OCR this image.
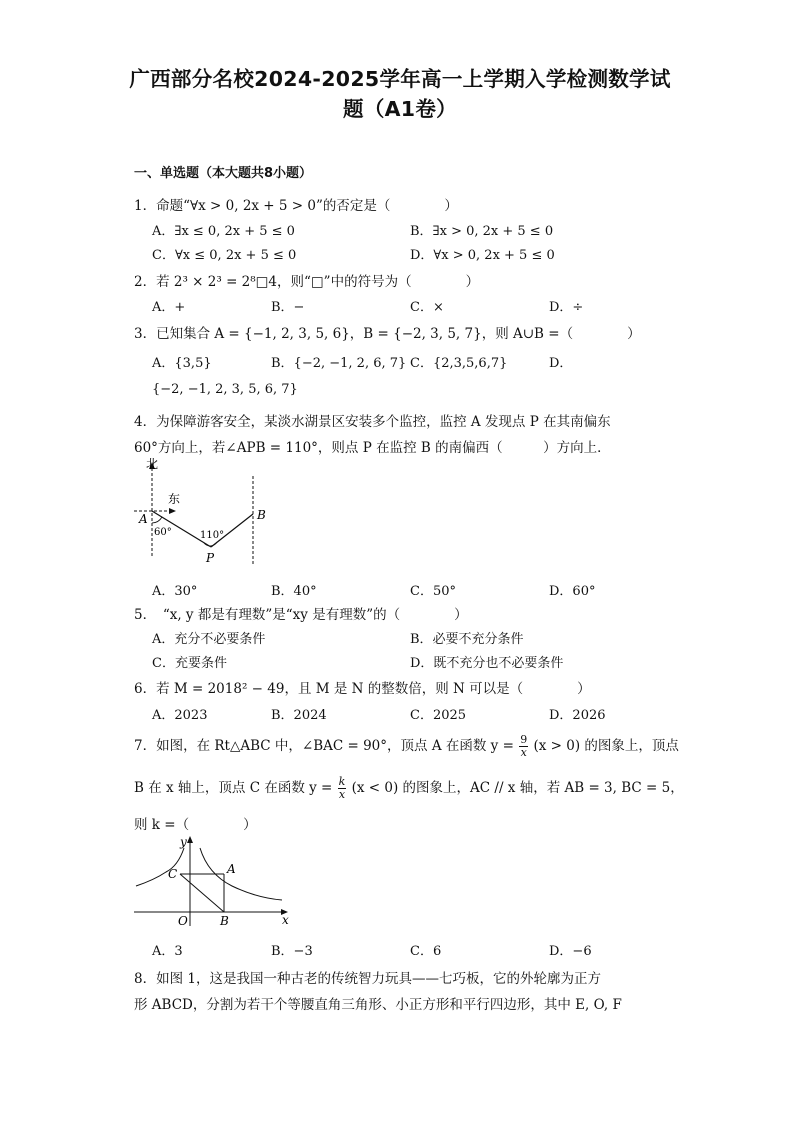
广西部分名校2024-2025学年高一上学期入学检测数学试
题（A1卷）
一、单选题（本大题共8小题）
1．命题“∀x > 0, 2x + 5 > 0”的否定是（　　　　）
A．∃x ≤ 0, 2x + 5 ≤ 0	B．∃x > 0, 2x + 5 ≤ 0
C．∀x ≤ 0, 2x + 5 ≤ 0	D．∀x > 0, 2x + 5 ≤ 0
2．若 2³ × 2³ = 2⁸□4，则“□”中的符号为（　　　　）
A．+	B．−	C．×	D．÷
3．已知集合 A = {−1, 2, 3, 5, 6}，B = {−2, 3, 5, 7}，则 A∪B =（　　　　）
A．{3,5}	B．{−2, −1, 2, 6, 7} C．{2,3,5,6,7}	D．
{−2, −1, 2, 3, 5, 6, 7}
4．为保障游客安全，某淡水湖景区安装多个监控，监控 A 发现点 P 在其南偏东
60°方向上，若∠APB = 110°，则点 P 在监控 B 的南偏西（　　　）方向上．
北
东
A	B
P
60°	110°
A．30°	B．40°	C．50°	D．60°
5．　“x, y 都是有理数”是“xy 是有理数”的（　　　　）
A．充分不必要条件	B．必要不充分条件
C．充要条件	D．既不充分也不必要条件
6．若 M = 2018² − 49，且 M 是 N 的整数倍，则 N 可以是（　　　　）
A．2023	B．2024	C．2025	D．2026
7．如图，在 Rt△ABC 中，∠BAC = 90°，顶点 A 在函数 $y = \frac{9}{x} (x > 0)$ 的图象上，顶点
B 在 x 轴上，顶点 C 在函数 $y = \frac{k}{x} (x < 0)$ 的图象上，AC // x 轴，若 AB = 3, BC = 5，
则 k =（　　　　）
y
x
O
A
B
C
A．3	B．−3	C．6	D．−6
8．如图 1，这是我国一种古老的传统智力玩具——七巧板，它的外轮廓为正方
形 ABCD，分割为若干个等腰直角三角形、小正方形和平行四边形，其中 E, O, F
